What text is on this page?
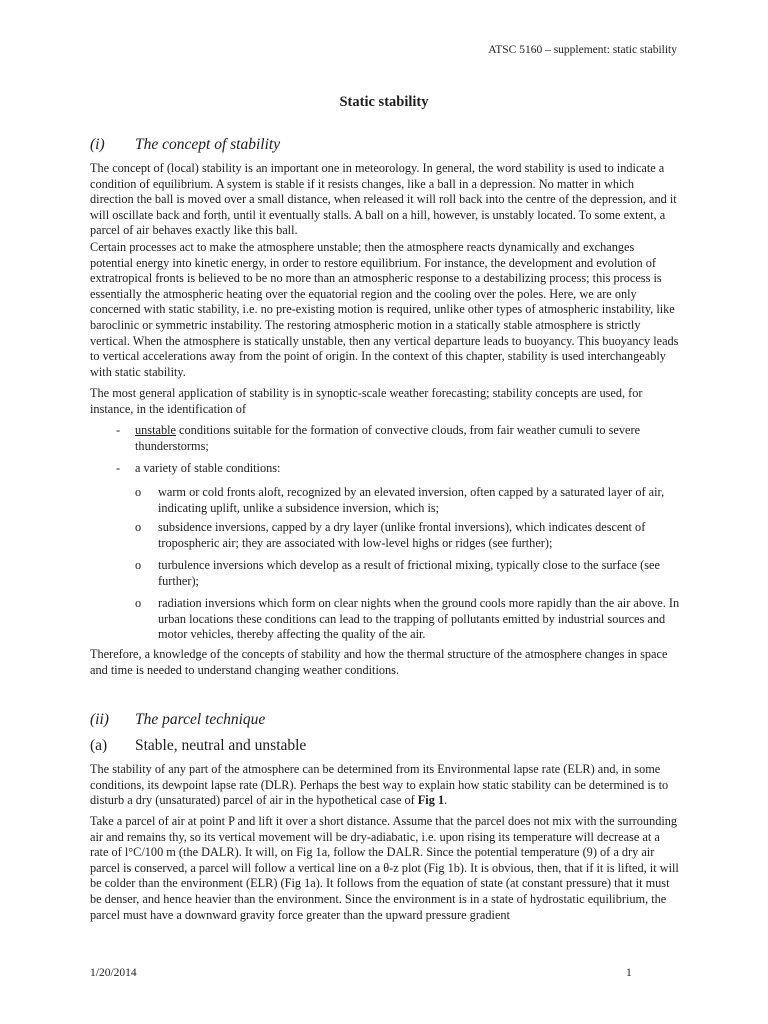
ATSC 5160 – supplement: static stability
Static stability
(i) The concept of stability

The concept of (local) stability is an important one in meteorology. In general, the word stability is used to indicate a condition of equilibrium. A system is stable if it resists changes, like a ball in a depression. No matter in which direction the ball is moved over a small distance, when released it will roll back into the centre of the depression, and it will oscillate back and forth, until it eventually stalls. A ball on a hill, however, is unstably located. To some extent, a parcel of air behaves exactly like this ball.

Certain processes act to make the atmosphere unstable; then the atmosphere reacts dynamically and exchanges potential energy into kinetic energy, in order to restore equilibrium. For instance, the development and evolution of extratropical fronts is believed to be no more than an atmospheric response to a destabilizing process; this process is essentially the atmospheric heating over the equatorial region and the cooling over the poles. Here, we are only concerned with static stability, i.e. no pre-existing motion is required, unlike other types of atmospheric instability, like baroclinic or symmetric instability. The restoring atmospheric motion in a statically stable atmosphere is strictly vertical. When the atmosphere is statically unstable, then any vertical departure leads to buoyancy. This buoyancy leads to vertical accelerations away from the point of origin. In the context of this chapter, stability is used interchangeably with static stability.

The most general application of stability is in synoptic-scale weather forecasting; stability concepts are used, for instance, in the identification of

- unstable conditions suitable for the formation of convective clouds, from fair weather cumuli to severe thunderstorms;
- a variety of stable conditions:
o warm or cold fronts aloft, recognized by an elevated inversion, often capped by a saturated layer of air, indicating uplift, unlike a subsidence inversion, which is;
o subsidence inversions, capped by a dry layer (unlike frontal inversions), which indicates descent of tropospheric air; they are associated with low-level highs or ridges (see further);
o turbulence inversions which develop as a result of frictional mixing, typically close to the surface (see further);
o radiation inversions which form on clear nights when the ground cools more rapidly than the air above. In urban locations these conditions can lead to the trapping of pollutants emitted by industrial sources and motor vehicles, thereby affecting the quality of the air.

Therefore, a knowledge of the concepts of stability and how the thermal structure of the atmosphere changes in space and time is needed to understand changing weather conditions.

(ii) The parcel technique
(a) Stable, neutral and unstable

The stability of any part of the atmosphere can be determined from its Environmental lapse rate (ELR) and, in some conditions, its dewpoint lapse rate (DLR). Perhaps the best way to explain how static stability can be determined is to disturb a dry (unsaturated) parcel of air in the hypothetical case of Fig 1.

Take a parcel of air at point P and lift it over a short distance. Assume that the parcel does not mix with the surrounding air and remains thy, so its vertical movement will be dry-adiabatic, i.e. upon rising its temperature will decrease at a rate of l°C/100 m (the DALR). It will, on Fig 1a, follow the DALR. Since the potential temperature (9) of a dry air parcel is conserved, a parcel will follow a vertical line on a θ-z plot (Fig 1b). It is obvious, then, that if it is lifted, it will be colder than the environment (ELR) (Fig 1a). It follows from the equation of state (at constant pressure) that it must be denser, and hence heavier than the environment. Since the environment is in a state of hydrostatic equilibrium, the parcel must have a downward gravity force greater than the upward pressure gradient

1/20/2014	1
